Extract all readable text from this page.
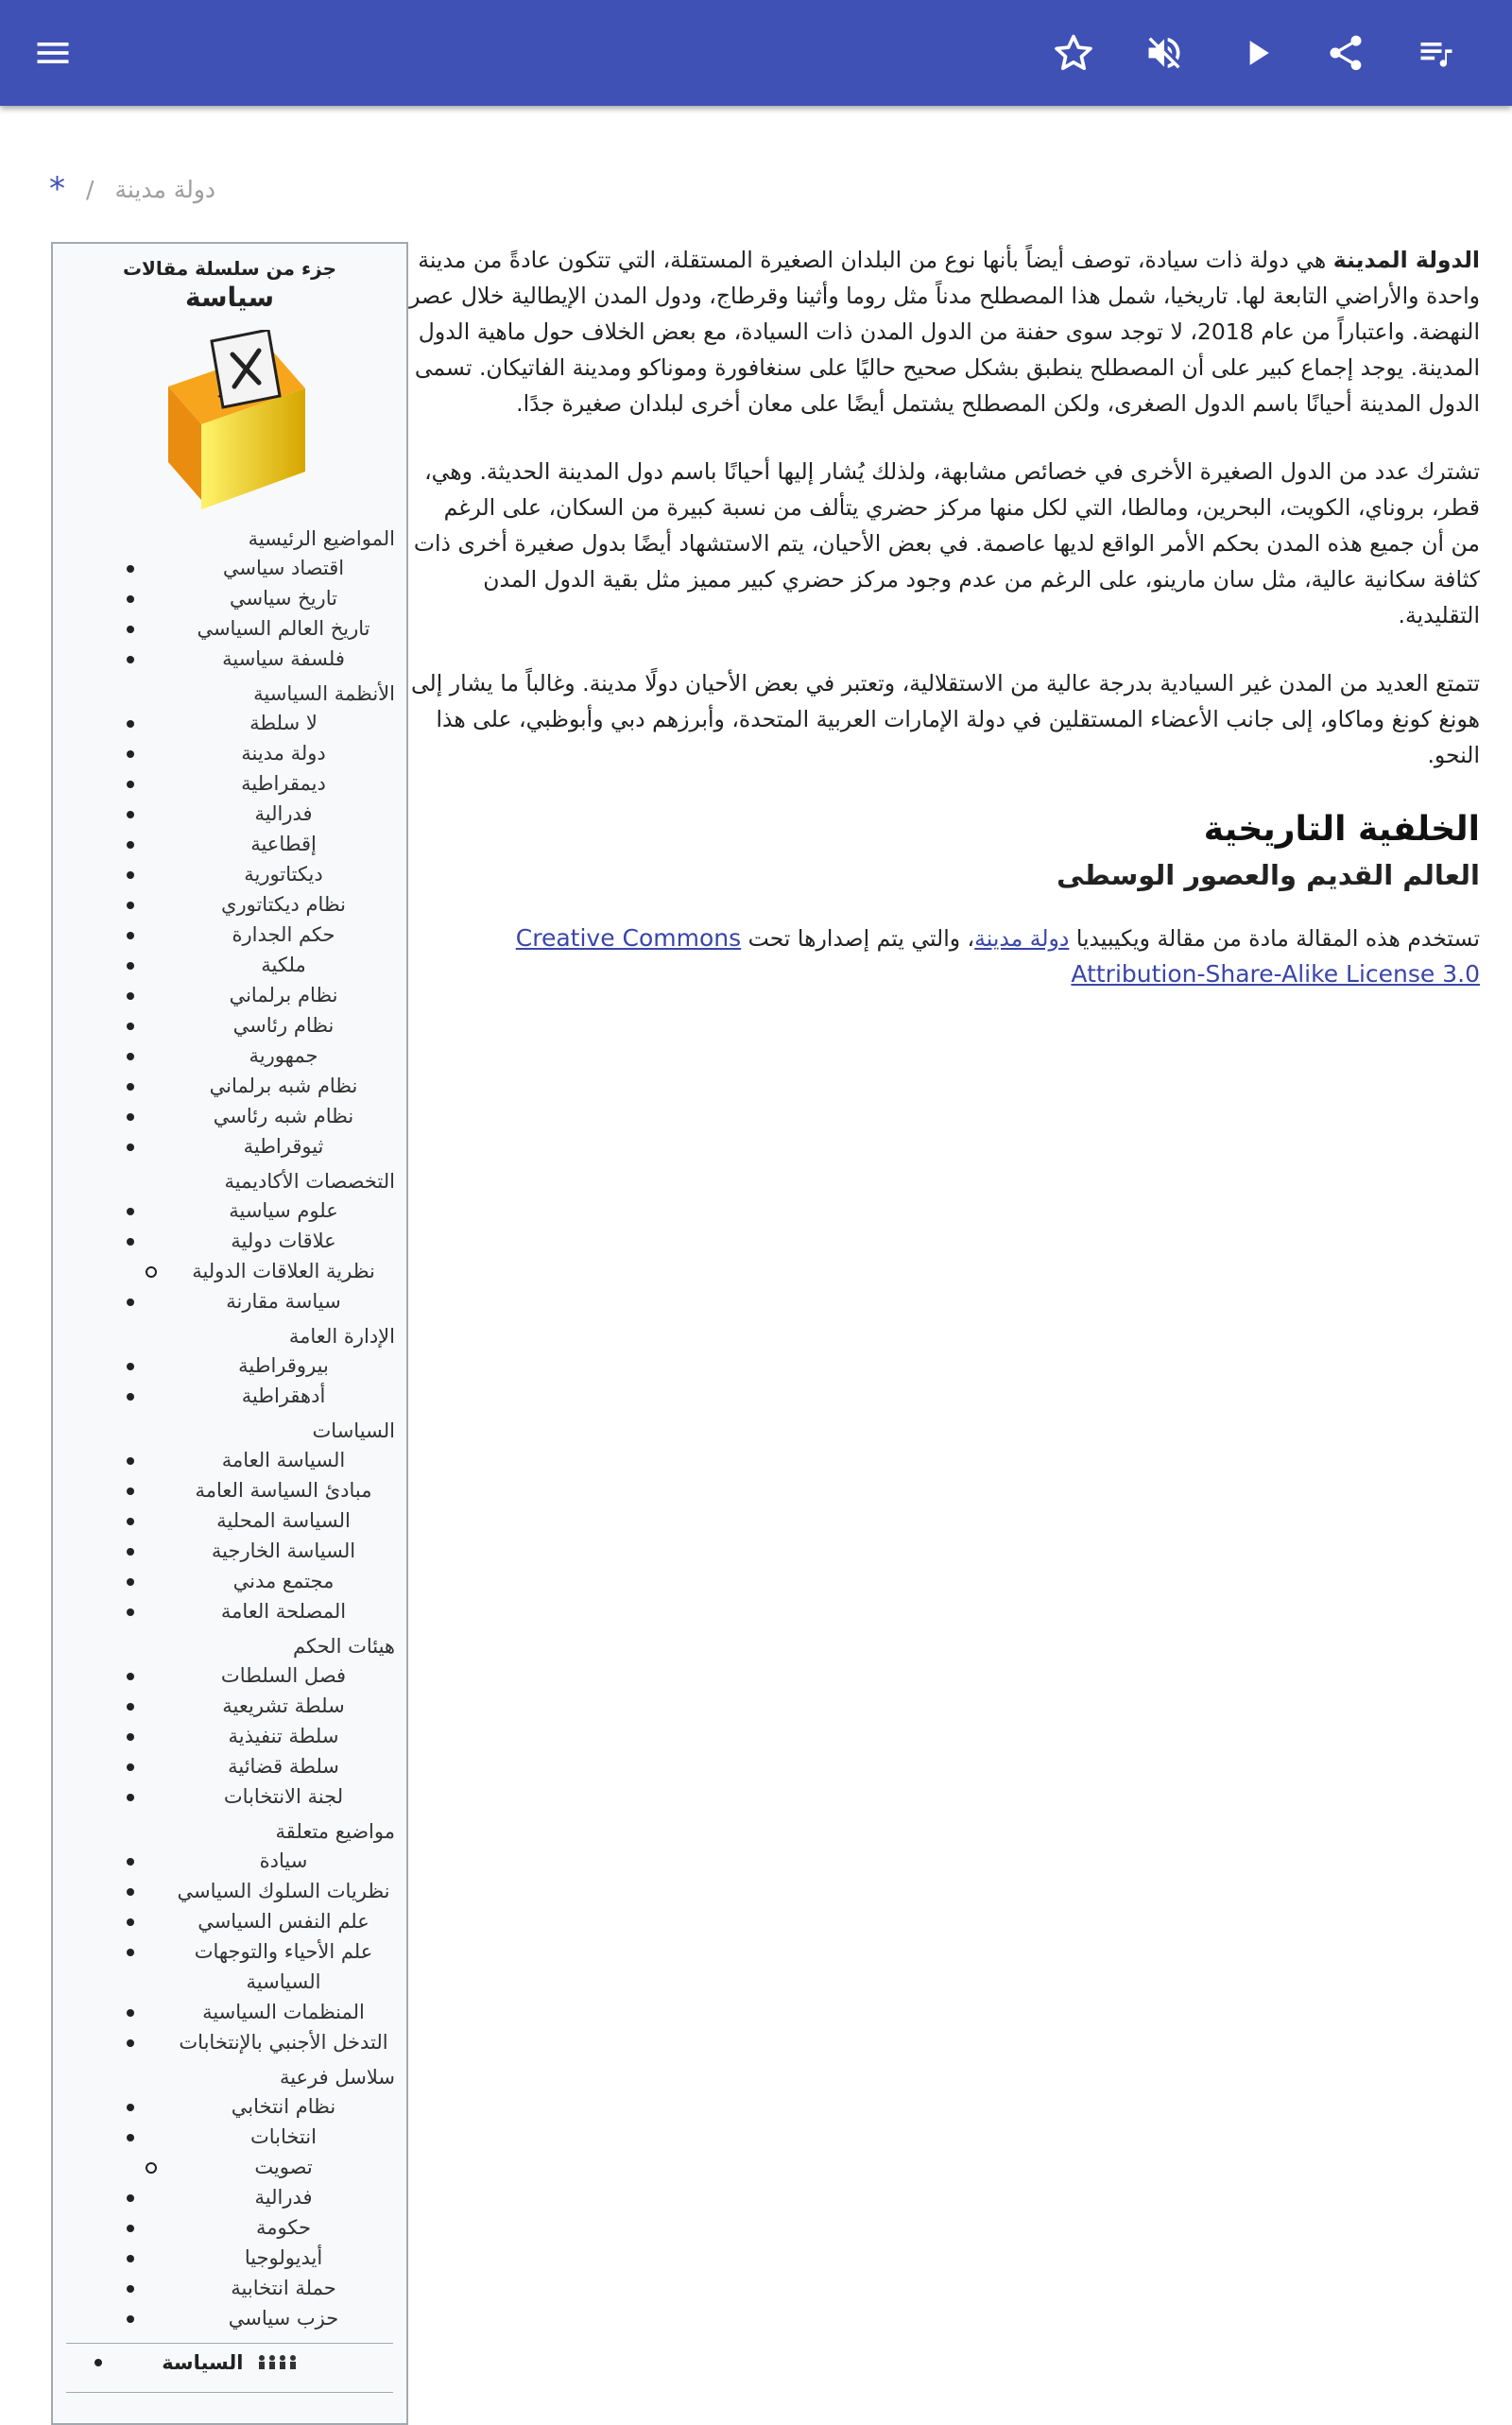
* / دولة مدينة

الدولة المدينة هي دولة ذات سيادة، توصف أيضاً بأنها نوع من البلدان الصغيرة المستقلة، التي تتكون عادةً من مدينة واحدة والأراضي التابعة لها. تاريخيا، شمل هذا المصطلح مدناً مثل روما وأثينا وقرطاج، ودول المدن الإيطالية خلال عصر النهضة. واعتباراً من عام 2018، لا توجد سوى حفنة من الدول المدن ذات السيادة، مع بعض الخلاف حول ماهية الدول المدينة. يوجد إجماع كبير على أن المصطلح ينطبق بشكل صحيح حاليًا على سنغافورة وموناكو ومدينة الفاتيكان. تسمى الدول المدينة أحيانًا باسم الدول الصغرى، ولكن المصطلح يشتمل أيضًا على معان أخرى لبلدان صغيرة جدًا.

تشترك عدد من الدول الصغيرة الأخرى في خصائص مشابهة، ولذلك يُشار إليها أحيانًا باسم دول المدينة الحديثة. وهي، قطر، بروناي، الكويت، البحرين، ومالطا، التي لكل منها مركز حضري يتألف من نسبة كبيرة من السكان، على الرغم من أن جميع هذه المدن بحكم الأمر الواقع لديها عاصمة. في بعض الأحيان، يتم الاستشهاد أيضًا بدول صغيرة أخرى ذات كثافة سكانية عالية، مثل سان مارينو، على الرغم من عدم وجود مركز حضري كبير مميز مثل بقية الدول المدن التقليدية.

تتمتع العديد من المدن غير السيادية بدرجة عالية من الاستقلالية، وتعتبر في بعض الأحيان دولًا مدينة. وغالباً ما يشار إلى هونغ كونغ وماكاو، إلى جانب الأعضاء المستقلين في دولة الإمارات العربية المتحدة، وأبرزهم دبي وأبوظبي، على هذا النحو.

الخلفية التاريخية
العالم القديم والعصور الوسطى

تستخدم هذه المقالة مادة من مقالة ويكيبيديا دولة مدينة، والتي يتم إصدارها تحت Creative Commons Attribution-Share-Alike License 3.0

جزء من سلسلة مقالات
سياسة
المواضيع الرئيسية
اقتصاد سياسي
تاريخ سياسي
تاريخ العالم السياسي
فلسفة سياسية
الأنظمة السياسية
لا سلطة
دولة مدينة
ديمقراطية
فدرالية
إقطاعية
ديكتاتورية
نظام ديكتاتوري
حكم الجدارة
ملكية
نظام برلماني
نظام رئاسي
جمهورية
نظام شبه برلماني
نظام شبه رئاسي
ثيوقراطية
التخصصات الأكاديمية
علوم سياسية
علاقات دولية
نظرية العلاقات الدولية
سياسة مقارنة
الإدارة العامة
بيروقراطية
أدهقراطية
السياسات
السياسة العامة
مبادئ السياسة العامة
السياسة المحلية
السياسة الخارجية
مجتمع مدني
المصلحة العامة
هيئات الحكم
فصل السلطات
سلطة تشريعية
سلطة تنفيذية
سلطة قضائية
لجنة الانتخابات
مواضيع متعلقة
سيادة
نظريات السلوك السياسي
علم النفس السياسي
علم الأحياء والتوجهات السياسية
المنظمات السياسية
التدخل الأجنبي بالإنتخابات
سلاسل فرعية
نظام انتخابي
انتخابات
تصويت
فدرالية
حكومة
أيديولوجيا
حملة انتخابية
حزب سياسي
السياسة
